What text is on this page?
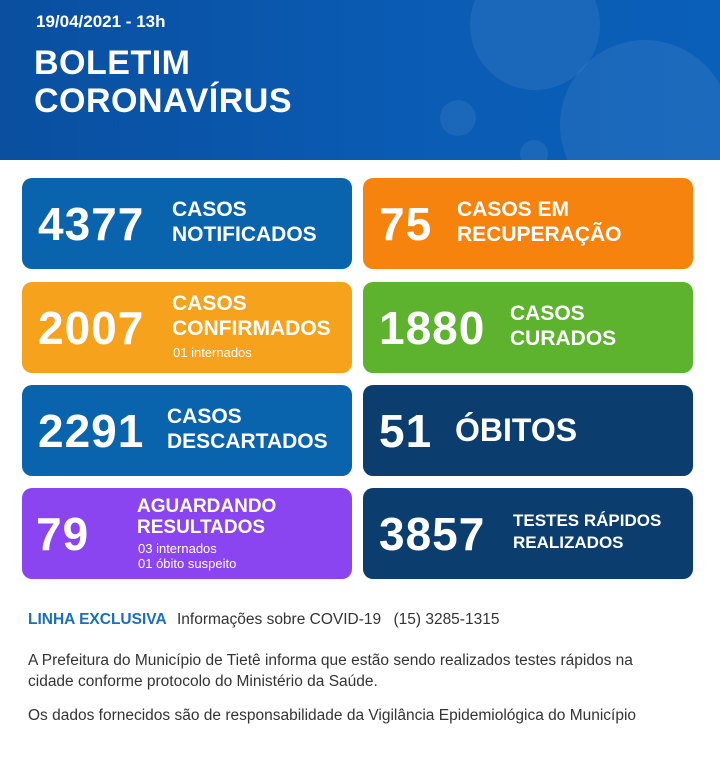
19/04/2021 - 13h
BOLETIM
CORONAVÍRUS
4377 CASOS
NOTIFICADOS 75 CASOS EM
RECUPERAÇÃO
2007 CASOS
CONFIRMADOS
01 internados	1880 CASOS
CURADOS
2291 CASOS
DESCARTADOS 51 ÓBITOS
79
AGUARDANDO
RESULTADOS
03 internados
01 óbito suspeito
3857 TESTES RÁPIDOS
REALIZADOS
LINHA EXCLUSIVA Informações sobre COVID-19 (15) 3285-1315
A Prefeitura do Município de Tietê informa que estão sendo realizados testes rápidos na
cidade conforme protocolo do Ministério da Saúde.
Os dados fornecidos são de responsabilidade da Vigilância Epidemiológica do Município
